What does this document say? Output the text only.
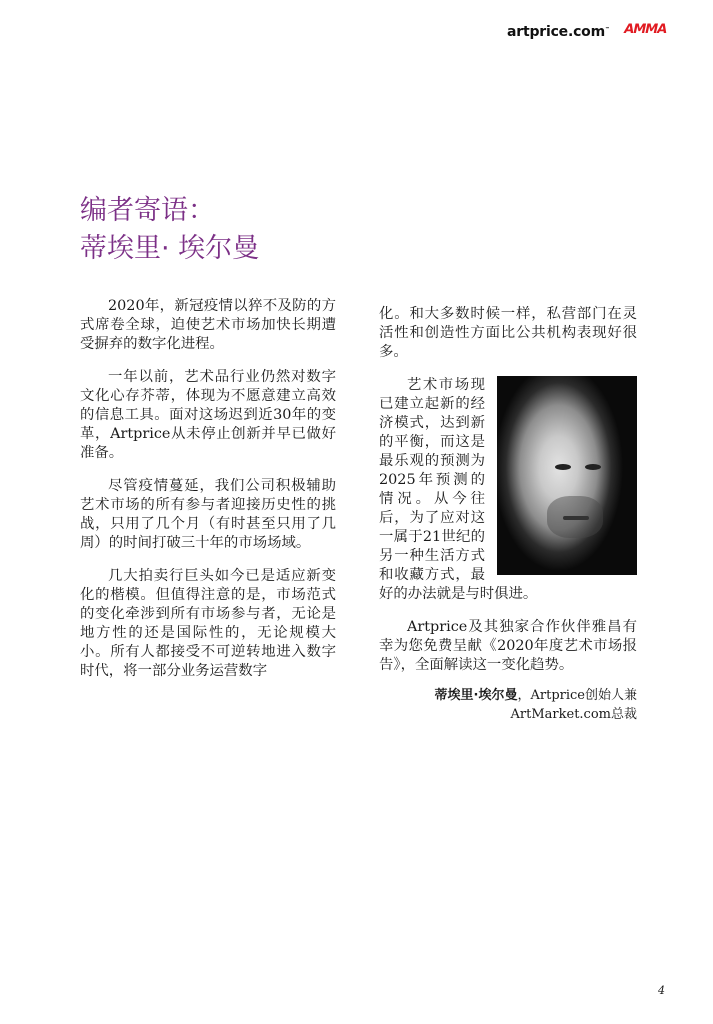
artprice.com™ AMMA
编者寄语：
蒂埃里· 埃尔曼

2020年，新冠疫情以猝不及防的方式席卷全球，迫使艺术市场加快长期遭受摒弃的数字化进程。

一年以前，艺术品行业仍然对数字文化心存芥蒂，体现为不愿意建立高效的信息工具。面对这场迟到近30年的变革，Artprice从未停止创新并早已做好准备。

尽管疫情蔓延，我们公司积极辅助艺术市场的所有参与者迎接历史性的挑战，只用了几个月（有时甚至只用了几周）的时间打破三十年的市场场域。

几大拍卖行巨头如今已是适应新变化的楷模。但值得注意的是，市场范式的变化牵涉到所有市场参与者，无论是地方性的还是国际性的，无论规模大小。所有人都接受不可逆转地进入数字时代，将一部分业务运营数字

化。和大多数时候一样，私营部门在灵活性和创造性方面比公共机构表现好很多。

艺术市场现已建立起新的经济模式，达到新的平衡，而这是最乐观的预测为2025年预测的情况。从今往后，为了应对这一属于21世纪的另一种生活方式和收藏方式，最好的办法就是与时俱进。

Artprice及其独家合作伙伴雅昌有幸为您免费呈献《2020年度艺术市场报告》，全面解读这一变化趋势。

蒂埃里·埃尔曼，Artprice创始人兼
ArtMarket.com总裁
4
